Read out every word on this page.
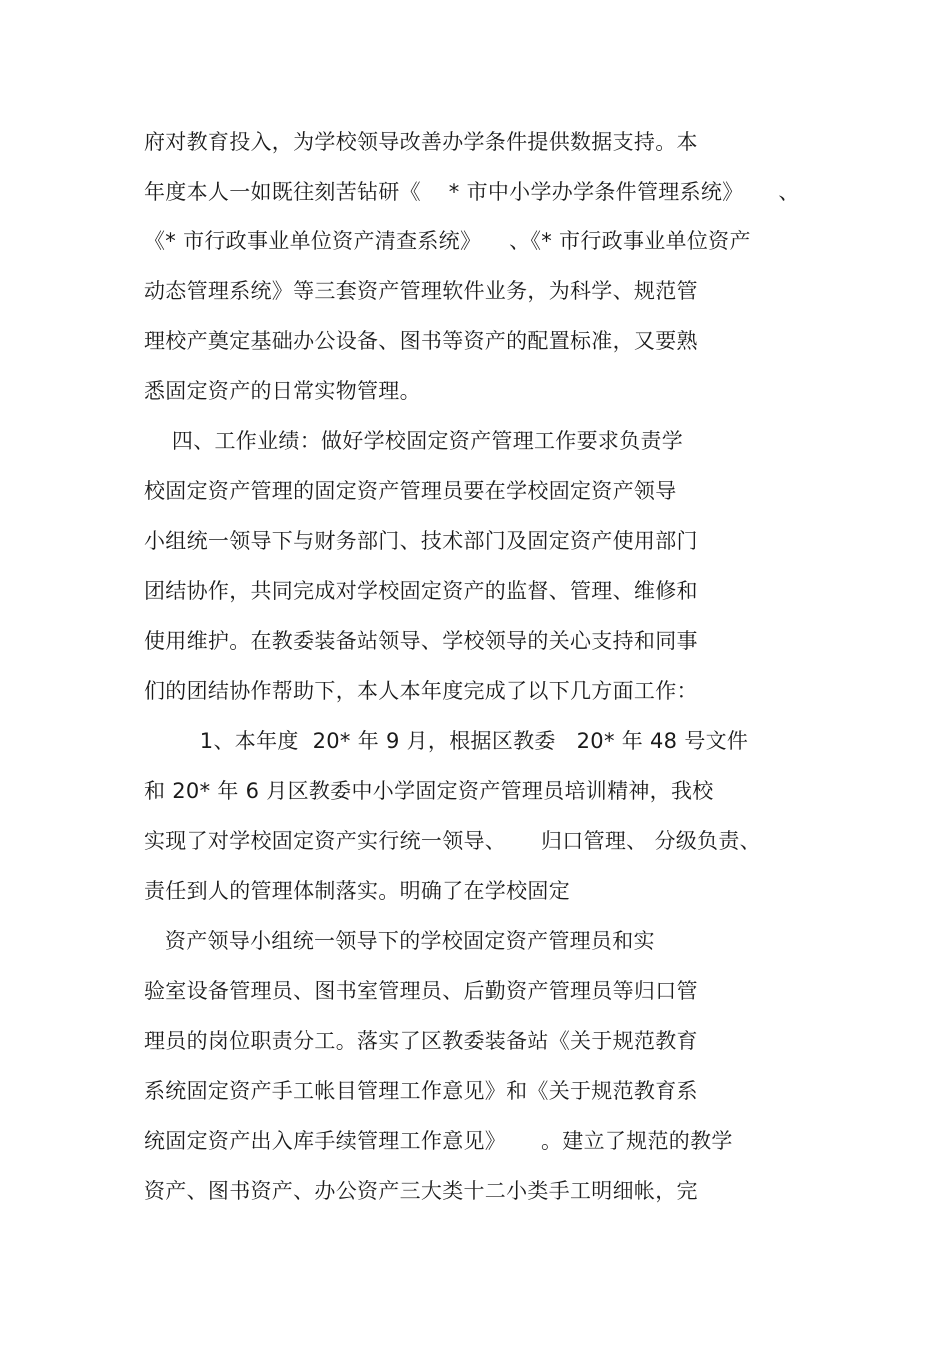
府对教育投入，为学校领导改善办学条件提供数据支持。本
年度本人一如既往刻苦钻研《    * 市中小学办学条件管理系统》     、
《* 市行政事业单位资产清查系统》    、《* 市行政事业单位资产
动态管理系统》等三套资产管理软件业务，为科学、规范管
理校产奠定基础办公设备、图书等资产的配置标准，又要熟
悉固定资产的日常实物管理。
四、工作业绩：做好学校固定资产管理工作要求负责学
校固定资产管理的固定资产管理员要在学校固定资产领导
小组统一领导下与财务部门、技术部门及固定资产使用部门
团结协作，共同完成对学校固定资产的监督、管理、维修和
使用维护。在教委装备站领导、学校领导的关心支持和同事
们的团结协作帮助下，本人本年度完成了以下几方面工作：
1、本年度  20* 年 9 月，根据区教委   20* 年 48 号文件
和 20* 年 6 月区教委中小学固定资产管理员培训精神，我校
实现了对学校固定资产实行统一领导、     归口管理、 分级负责、
责任到人的管理体制落实。明确了在学校固定
资产领导小组统一领导下的学校固定资产管理员和实
验室设备管理员、图书室管理员、后勤资产管理员等归口管
理员的岗位职责分工。落实了区教委装备站《关于规范教育
系统固定资产手工帐目管理工作意见》和《关于规范教育系
统固定资产出入库手续管理工作意见》     。建立了规范的教学
资产、图书资产、办公资产三大类十二小类手工明细帐，完
